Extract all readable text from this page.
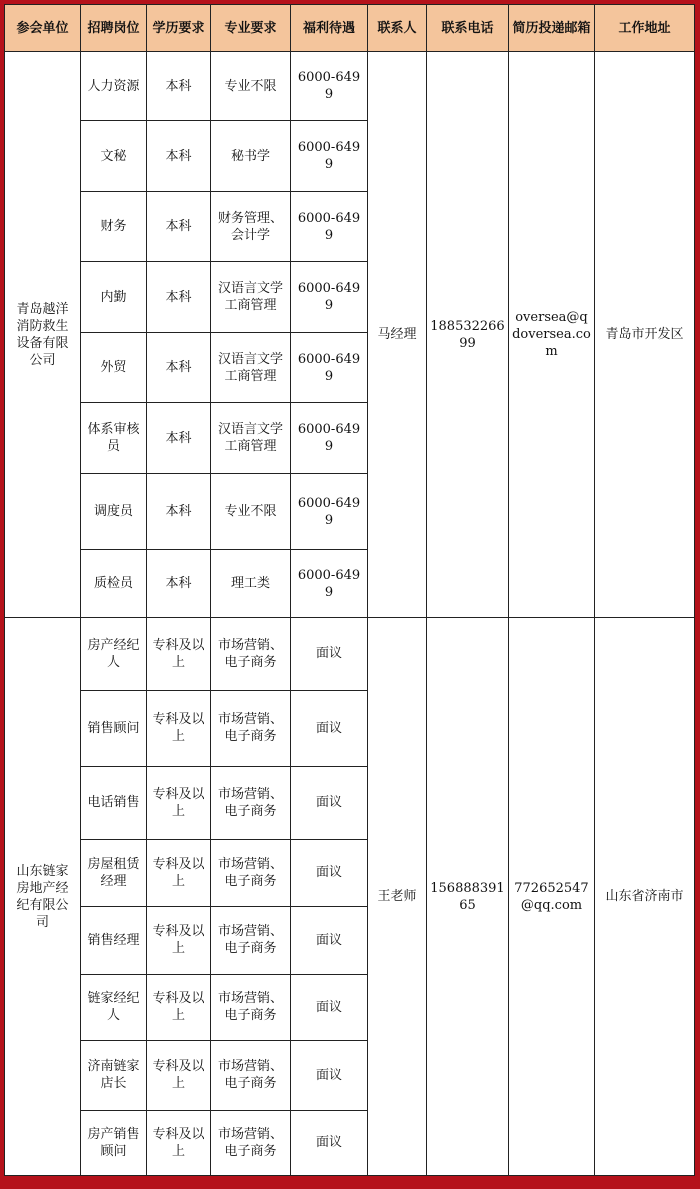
参会单位	招聘岗位	学历要求	专业要求	福利待遇	联系人	联系电话	简历投递邮箱	工作地址
青岛越洋消防救生设备有限公司	人力资源	本科	专业不限	6000-6499	马经理	18853226699	oversea@qdoversea.com	青岛市开发区
	文秘	本科	秘书学	6000-6499				
	财务	本科	财务管理、会计学	6000-6499				
	内勤	本科	汉语言文学工商管理	6000-6499				
	外贸	本科	汉语言文学工商管理	6000-6499				
	体系审核员	本科	汉语言文学工商管理	6000-6499				
	调度员	本科	专业不限	6000-6499				
	质检员	本科	理工类	6000-6499				
山东链家房地产经纪有限公司	房产经纪人	专科及以上	市场营销、电子商务	面议	王老师	15688839165	772652547@qq.com	山东省济南市
	销售顾问	专科及以上	市场营销、电子商务	面议				
	电话销售	专科及以上	市场营销、电子商务	面议				
	房屋租赁经理	专科及以上	市场营销、电子商务	面议				
	销售经理	专科及以上	市场营销、电子商务	面议				
	链家经纪人	专科及以上	市场营销、电子商务	面议				
	济南链家店长	专科及以上	市场营销、电子商务	面议				
	房产销售顾问	专科及以上	市场营销、电子商务	面议				
